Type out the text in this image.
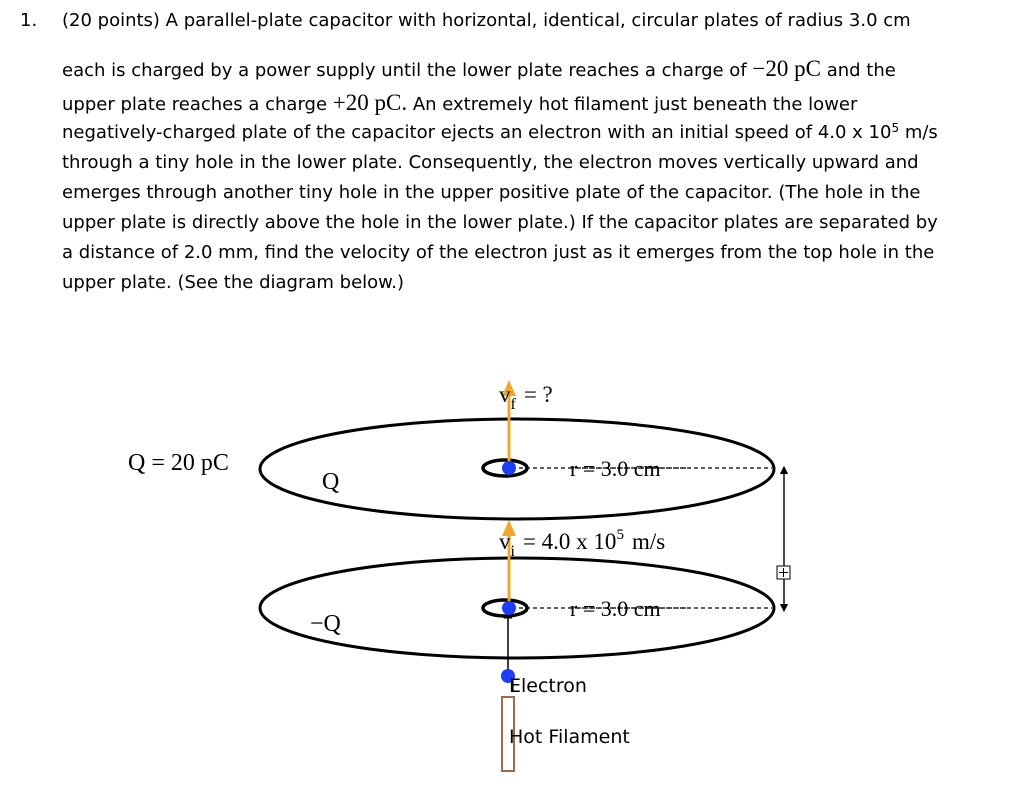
1. (20 points) A parallel-plate capacitor with horizontal, identical, circular plates of radius 3.0 cm
each is charged by a power supply until the lower plate reaches a charge of −20 pC and the
upper plate reaches a charge +20 pC. An extremely hot filament just beneath the lower
negatively-charged plate of the capacitor ejects an electron with an initial speed of 4.0 x $10^5$ m/s
through a tiny hole in the lower plate. Consequently, the electron moves vertically upward and
emerges through another tiny hole in the upper positive plate of the capacitor. (The hole in the
upper plate is directly above the hole in the lower plate.) If the capacitor plates are separated by
a distance of 2.0 mm, find the velocity of the electron just as it emerges from the top hole in the
upper plate. (See the diagram below.)
r = 3.0 cm
r = 3.0 cm
Q = 20 pC
Q
−Q
$v_f$ = ?
$v_i = 4.0$ x $10^5$ m/s
Electron
Hot Filament
